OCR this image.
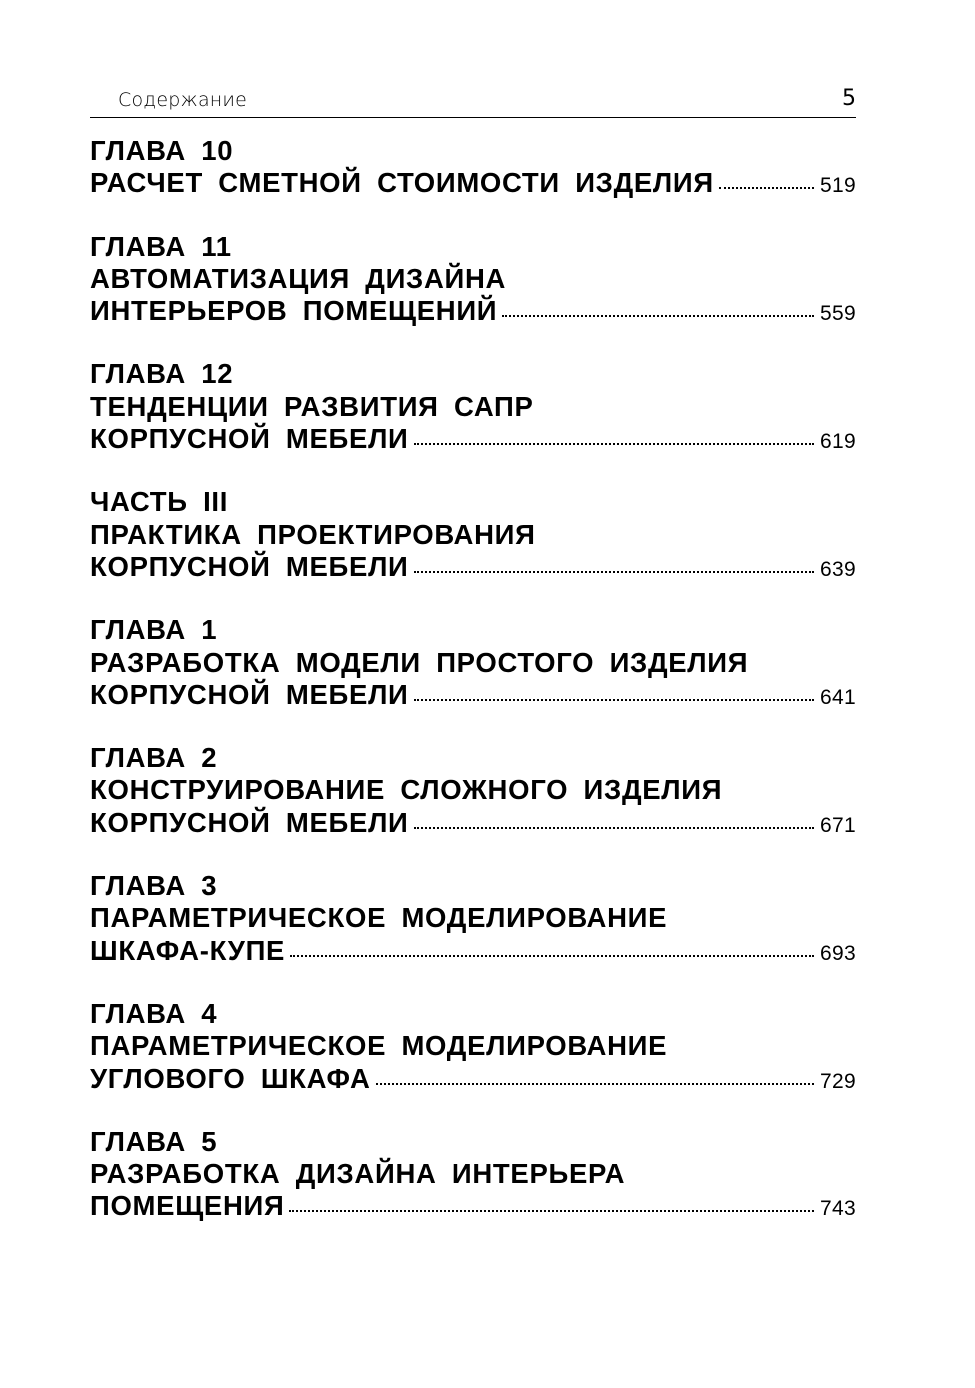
Содержание	5
ГЛАВА 10
РАСЧЕТ СМЕТНОЙ СТОИМОСТИ ИЗДЕЛИЯ	519
ГЛАВА 11
АВТОМАТИЗАЦИЯ ДИЗАЙНА
ИНТЕРЬЕРОВ ПОМЕЩЕНИЙ	559
ГЛАВА 12
ТЕНДЕНЦИИ РАЗВИТИЯ САПР
КОРПУСНОЙ МЕБЕЛИ	619
ЧАСТЬ III
ПРАКТИКА ПРОЕКТИРОВАНИЯ
КОРПУСНОЙ МЕБЕЛИ	639
ГЛАВА 1
РАЗРАБОТКА МОДЕЛИ ПРОСТОГО ИЗДЕЛИЯ
КОРПУСНОЙ МЕБЕЛИ	641
ГЛАВА 2
КОНСТРУИРОВАНИЕ СЛОЖНОГО ИЗДЕЛИЯ
КОРПУСНОЙ МЕБЕЛИ	671
ГЛАВА 3
ПАРАМЕТРИЧЕСКОЕ МОДЕЛИРОВАНИЕ
ШКАФА-КУПЕ	693
ГЛАВА 4
ПАРАМЕТРИЧЕСКОЕ МОДЕЛИРОВАНИЕ
УГЛОВОГО ШКАФА	729
ГЛАВА 5
РАЗРАБОТКА ДИЗАЙНА ИНТЕРЬЕРА
ПОМЕЩЕНИЯ	743
